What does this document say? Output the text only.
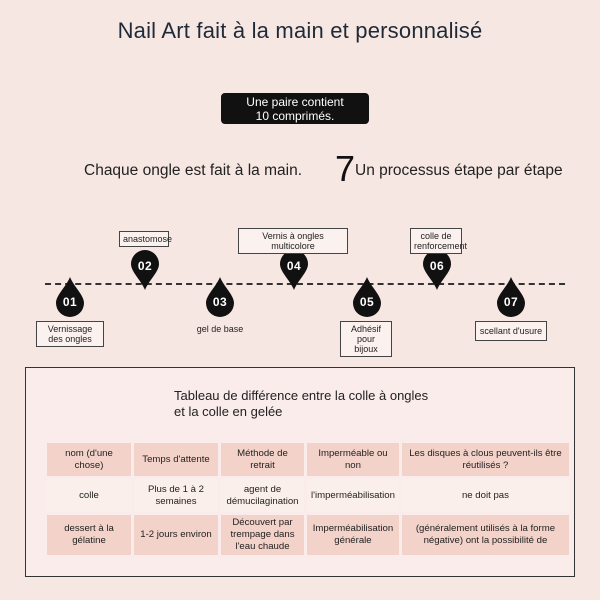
Nail Art fait à la main et personnalisé
Une paire contient
10 comprimés.
Chaque ongle est fait à la main. 7 Un processus étape par étape
01
Vernissage des ongles
02
anastomose
03
gel de base
04
Vernis à ongles multicolore
05
Adhésif pour bijoux
06
colle de renforcement
07
scellant d'usure
Tableau de différence entre la colle à ongles
et la colle en gelée
nom (d'une chose)	Temps d'attente	Méthode de retrait	Imperméable ou non	Les disques à clous peuvent-ils être réutilisés ?
colle	Plus de 1 à 2 semaines	agent de démucilagination	l'imperméabilisation	ne doit pas
dessert à la gélatine	1-2 jours environ	Découvert par trempage dans l'eau chaude	Imperméabilisation générale	(généralement utilisés à la forme négative) ont la possibilité de
